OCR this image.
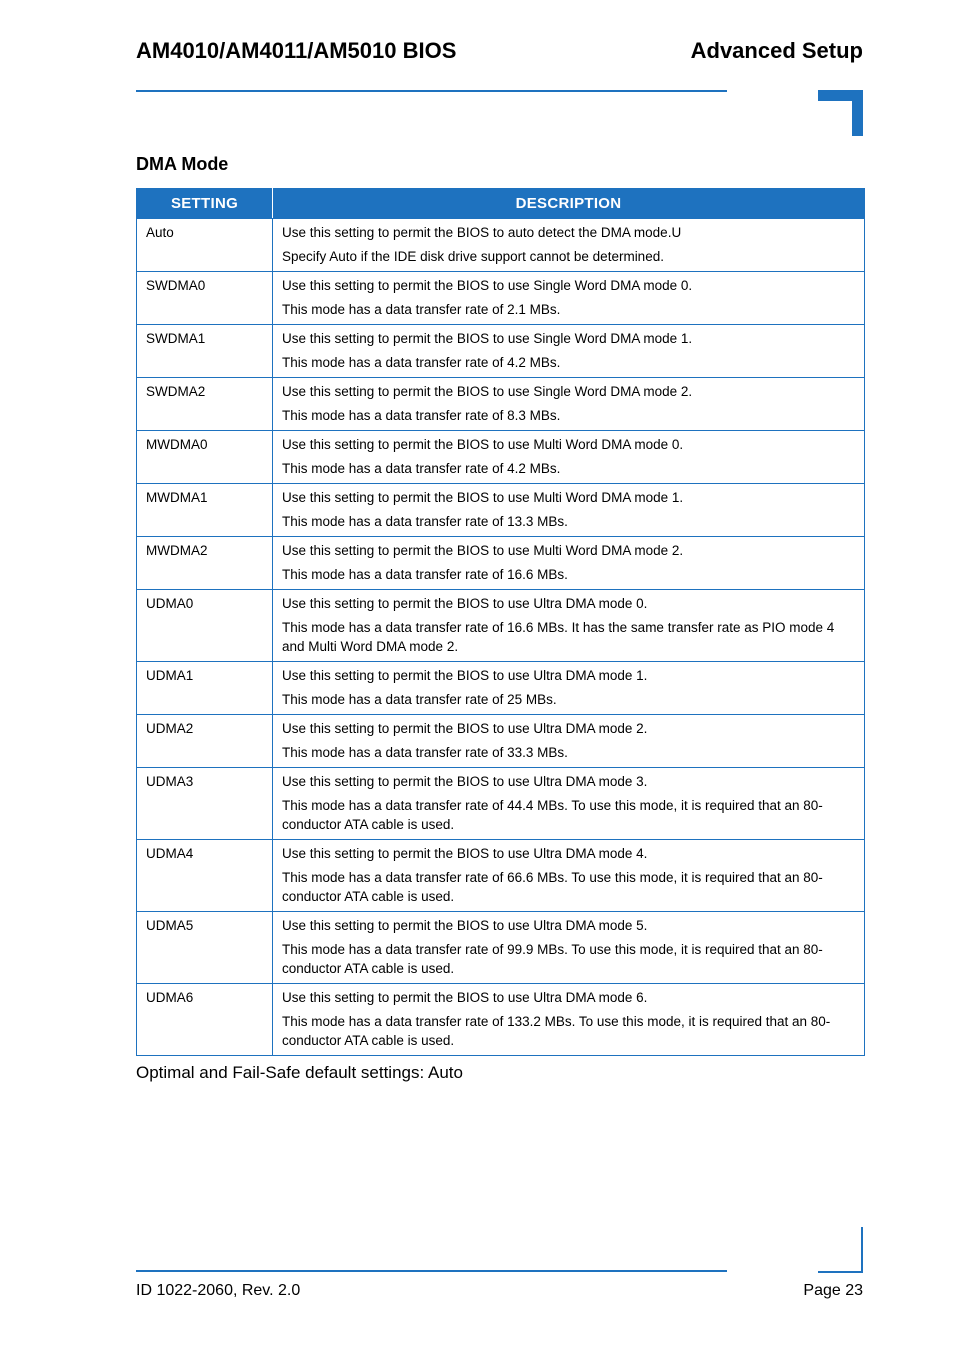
AM4010/AM4011/AM5010 BIOS	Advanced Setup
DMA Mode
SETTING	DESCRIPTION
Auto	Use this setting to permit the BIOS to auto detect the DMA mode.U

Specify Auto if the IDE disk drive support cannot be determined.

SWDMA0	Use this setting to permit the BIOS to use Single Word DMA mode 0.

This mode has a data transfer rate of 2.1 MBs.

SWDMA1	Use this setting to permit the BIOS to use Single Word DMA mode 1.

This mode has a data transfer rate of 4.2 MBs.

SWDMA2	Use this setting to permit the BIOS to use Single Word DMA mode 2.

This mode has a data transfer rate of 8.3 MBs.

MWDMA0	Use this setting to permit the BIOS to use Multi Word DMA mode 0.

This mode has a data transfer rate of 4.2 MBs.

MWDMA1	Use this setting to permit the BIOS to use Multi Word DMA mode 1.

This mode has a data transfer rate of 13.3 MBs.

MWDMA2	Use this setting to permit the BIOS to use Multi Word DMA mode 2.

This mode has a data transfer rate of 16.6 MBs.

UDMA0	Use this setting to permit the BIOS to use Ultra DMA mode 0.

This mode has a data transfer rate of 16.6 MBs. It has the same transfer rate as PIO mode 4 and Multi Word DMA mode 2.

UDMA1	Use this setting to permit the BIOS to use Ultra DMA mode 1.

This mode has a data transfer rate of 25 MBs.

UDMA2	Use this setting to permit the BIOS to use Ultra DMA mode 2.

This mode has a data transfer rate of 33.3 MBs.

UDMA3	Use this setting to permit the BIOS to use Ultra DMA mode 3.

This mode has a data transfer rate of 44.4 MBs. To use this mode, it is required that an 80-conductor ATA cable is used.

UDMA4	Use this setting to permit the BIOS to use Ultra DMA mode 4.

This mode has a data transfer rate of 66.6 MBs. To use this mode, it is required that an 80-conductor ATA cable is used.

UDMA5	Use this setting to permit the BIOS to use Ultra DMA mode 5.

This mode has a data transfer rate of 99.9 MBs. To use this mode, it is required that an 80-conductor ATA cable is used.

UDMA6	Use this setting to permit the BIOS to use Ultra DMA mode 6.

This mode has a data transfer rate of 133.2 MBs. To use this mode, it is required that an 80-conductor ATA cable is used.

Optimal and Fail-Safe default settings: Auto
ID 1022-2060, Rev. 2.0	Page 23
